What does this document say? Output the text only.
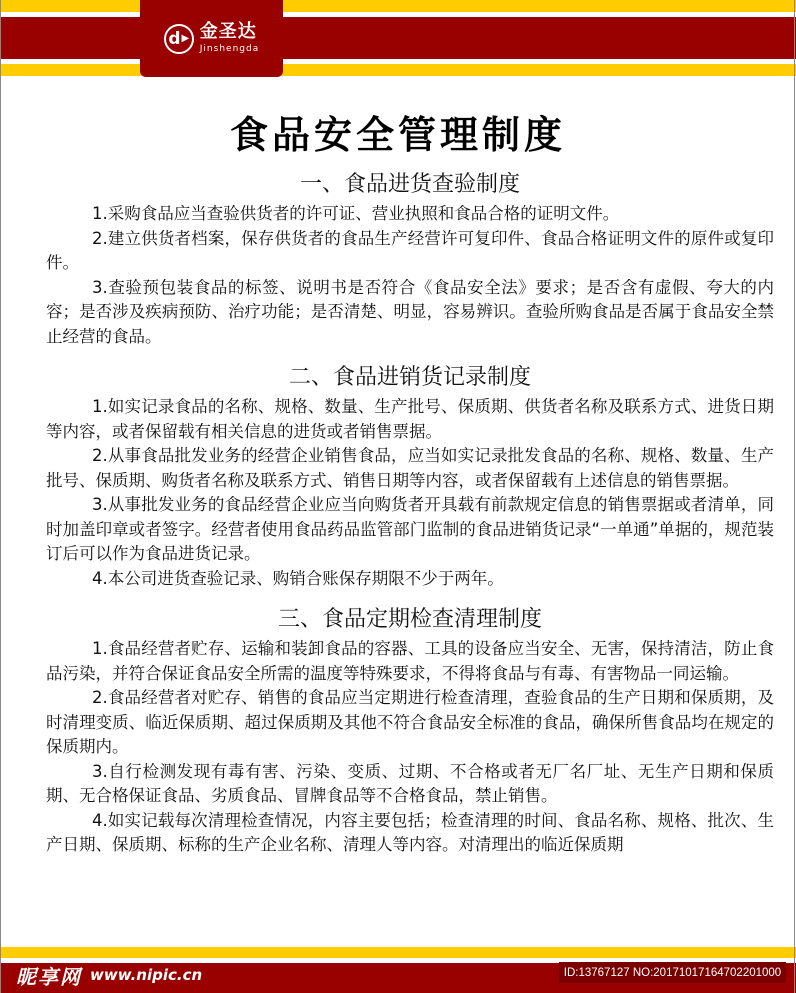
d ▶ 金圣达
Jinshengda
食品安全管理制度
一、食品进货查验制度

1.采购食品应当查验供货者的许可证、营业执照和食品合格的证明文件。

2.建立供货者档案，保存供货者的食品生产经营许可复印件、食品合格证明文件的原件或复印件。

3.查验预包装食品的标签、说明书是否符合《食品安全法》要求；是否含有虚假、夸大的内容；是否涉及疾病预防、治疗功能；是否清楚、明显，容易辨识。查验所购食品是否属于食品安全禁止经营的食品。

二、食品进销货记录制度

1.如实记录食品的名称、规格、数量、生产批号、保质期、供货者名称及联系方式、进货日期等内容，或者保留载有相关信息的进货或者销售票据。

2.从事食品批发业务的经营企业销售食品，应当如实记录批发食品的名称、规格、数量、生产批号、保质期、购货者名称及联系方式、销售日期等内容，或者保留载有上述信息的销售票据。

3.从事批发业务的食品经营企业应当向购货者开具载有前款规定信息的销售票据或者清单，同时加盖印章或者签字。经营者使用食品药品监管部门监制的食品进销货记录“一单通”单据的，规范装订后可以作为食品进货记录。

4.本公司进货查验记录、购销合账保存期限不少于两年。

三、食品定期检查清理制度

1.食品经营者贮存、运输和装卸食品的容器、工具的设备应当安全、无害，保持清洁，防止食品污染，并符合保证食品安全所需的温度等特殊要求，不得将食品与有毒、有害物品一同运输。

2.食品经营者对贮存、销售的食品应当定期进行检查清理，查验食品的生产日期和保质期，及时清理变质、临近保质期、超过保质期及其他不符合食品安全标准的食品，确保所售食品均在规定的保质期内。

3.自行检测发现有毒有害、污染、变质、过期、不合格或者无厂名厂址、无生产日期和保质期、无合格保证食品、劣质食品、冒牌食品等不合格食品，禁止销售。

4.如实记载每次清理检查情况，内容主要包括；检查清理的时间、食品名称、规格、批次、生产日期、保质期、标称的生产企业名称、清理人等内容。对清理出的临近保质期

昵享网 www.nipic.cn	ID:13767127 NO:20171017164702201000
